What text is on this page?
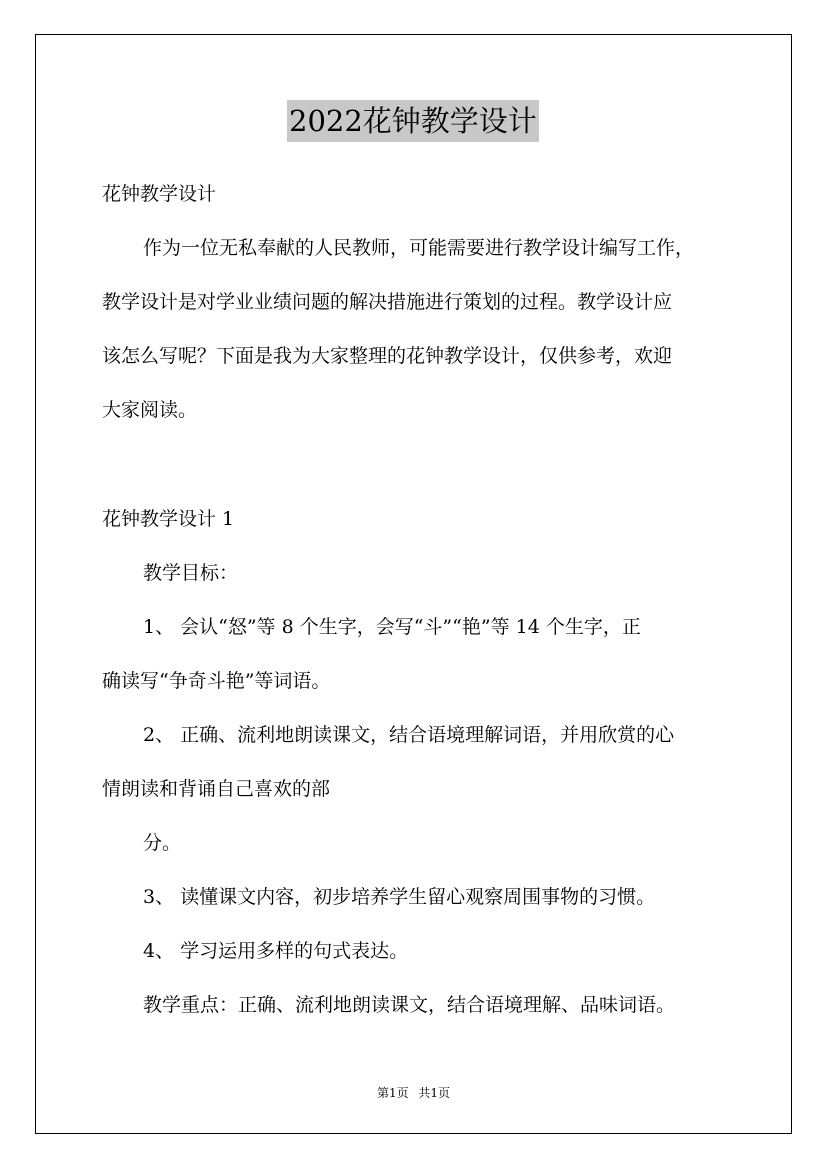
2022花钟教学设计
花钟教学设计
作为一位无私奉献的人民教师，可能需要进行教学设计编写工作，
教学设计是对学业业绩问题的解决措施进行策划的过程。教学设计应
该怎么写呢？下面是我为大家整理的花钟教学设计，仅供参考，欢迎
大家阅读。
花钟教学设计 1
教学目标：
1、 会认“怒”等 8 个生字，会写“斗”“艳”等 14 个生字，正
确读写“争奇斗艳”等词语。
2、 正确、流利地朗读课文，结合语境理解词语，并用欣赏的心
情朗读和背诵自己喜欢的部
分。
3、 读懂课文内容，初步培养学生留心观察周围事物的习惯。
4、 学习运用多样的句式表达。
教学重点：正确、流利地朗读课文，结合语境理解、品味词语。
第1页 共1页
